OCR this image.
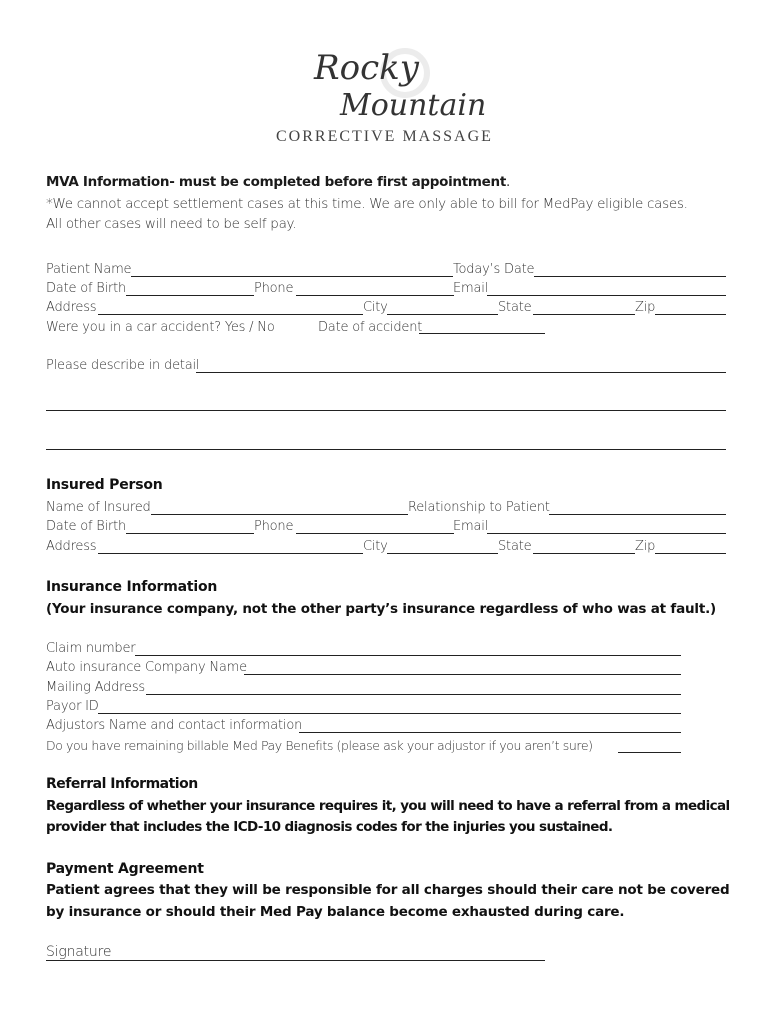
Rocky
Mountain
CORRECTIVE MASSAGE
MVA Information- must be completed before first appointment.
*We cannot accept settlement cases at this time. We are only able to bill for MedPay eligible cases.
All other cases will need to be self pay.
Patient Name	Today’s Date
Date of Birth	Phone	Email
Address	City	State	Zip
Were you in a car accident? Yes / No	Date of accident
Please describe in detail
Insured Person
Name of Insured	Relationship to Patient
Date of Birth	Phone	Email
Address	City	State	Zip
Insurance Information
(Your insurance company, not the other party’s insurance regardless of who was at fault.)
Claim number
Auto insurance Company Name
Mailing Address
Payor ID
Adjustors Name and contact information
Do you have remaining billable Med Pay Benefits (please ask your adjustor if you aren’t sure)
Referral Information
Regardless of whether your insurance requires it, you will need to have a referral from a medical
provider that includes the ICD-10 diagnosis codes for the injuries you sustained.
Payment Agreement
Patient agrees that they will be responsible for all charges should their care not be covered
by insurance or should their Med Pay balance become exhausted during care.
Signature
